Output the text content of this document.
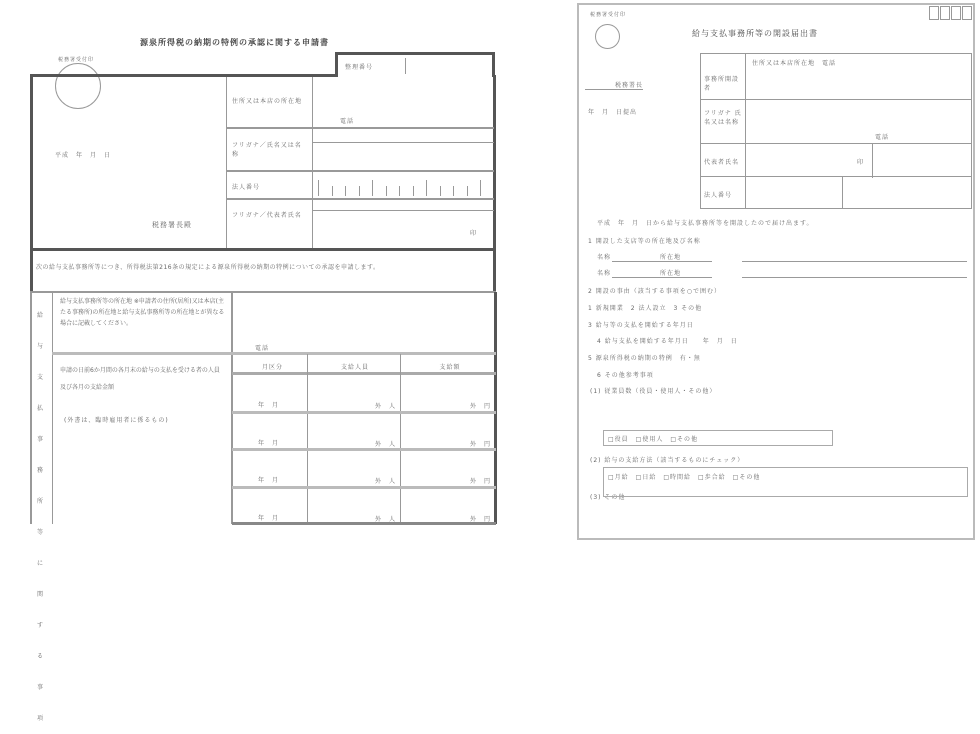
源泉所得税の納期の特例の承認に関する申請書
税務署受付印
整理番号
平成　年　月　日
税務署長殿
住所又は本店の所在地
電話
フリガナ／氏名又は名称
法人番号
フリガナ／代表者氏名
印
次の給与支払事務所等につき、所得税法第216条の規定による源泉所得税の納期の特例についての承認を申請します。
給与支払事務所等に関する事項
給与支払事務所等の所在地 ※申請者の住所(居所)又は本店(主たる事務所)の所在地と給与支払事務所等の所在地とが異なる場合に記載してください。
電話
申請の日前6か月間の各月末の給与の支払を受ける者の人員及び各月の支給金額
(外書は、臨時雇用者に係るもの)
月区分	支給人員	支給額
年　月	外　人	外　円
年　月	外　人	外　円
年　月	外　人	外　円
年　月	外　人	外　円
税務署受付印
給与支払事務所等の開設届出書
税務署長
年　月　日提出
事務所開設者
住所又は本店所在地　電話
フリガナ 氏名又は名称
電話
代表者氏名	印
法人番号
平成　年　月　日から給与支払事務所等を開設したので届け出ます。
1 開設した支店等の所在地及び名称
名称　　　　　　　所在地
名称　　　　　　　所在地
2 開設の事由（該当する事項を○で囲む）
1 新規開業　2 法人設立　3 その他
3 給与等の支払を開始する年月日
4 給与支払を開始する年月日　　年　月　日
5 源泉所得税の納期の特例　有・無
6 その他参考事項
(1) 従業員数（役員・使用人・その他）
□役員　□使用人　□その他
(2) 給与の支給方法（該当するものにチェック）
□月給　□日給　□時間給　□歩合給　□その他
(3) その他
